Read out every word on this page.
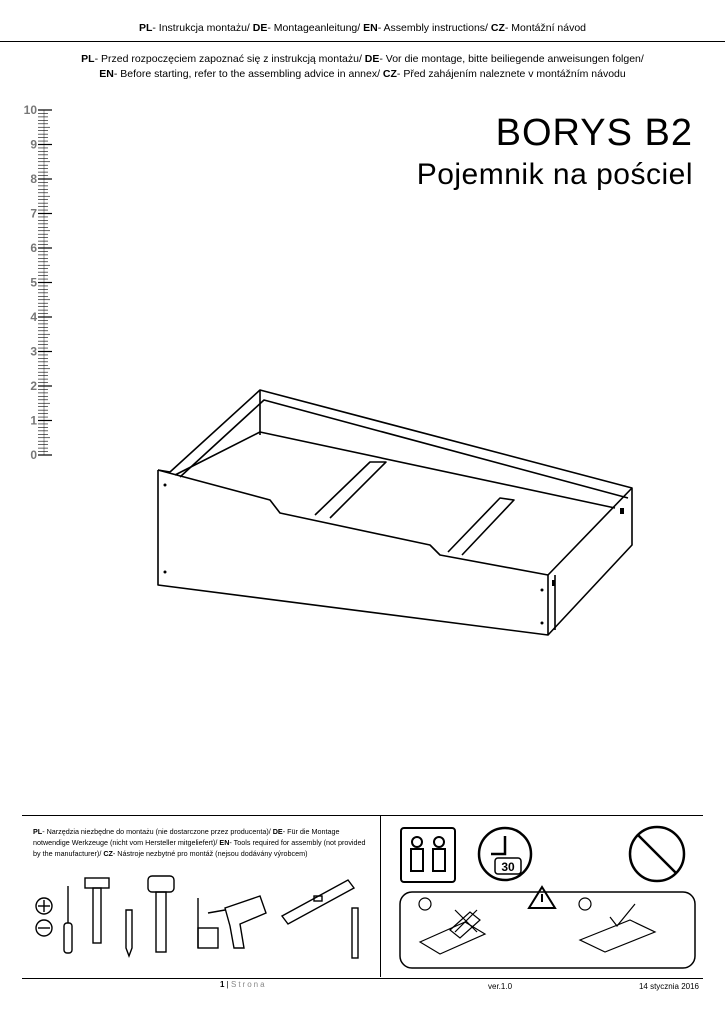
PL- Instrukcja montażu/ DE- Montageanleitung/ EN- Assembly instructions/ CZ- Montážní návod
PL- Przed rozpoczęciem zapoznać się z instrukcją montażu/ DE- Vor die montage, bitte beiliegende anweisungen folgen/
EN- Before starting, refer to the assembling advice in annex/ CZ- Před zahájením naleznete v montážním návodu
10
9
8
7
6
5
4
3
2
1
0
BORYS B2
Pojemnik na pościel
PL- Narzędzia niezbędne do montażu (nie dostarczone przez producenta)/ DE- Für die Montage notwendige Werkzeuge (nicht vom Hersteller mitgeliefert)/ EN- Tools required for assembly (not provided by the manufacturer)/ CZ- Nástroje nezbytné pro montáž (nejsou dodávány výrobcem)
30
1 | Strona	ver.1.0	14 stycznia 2016
